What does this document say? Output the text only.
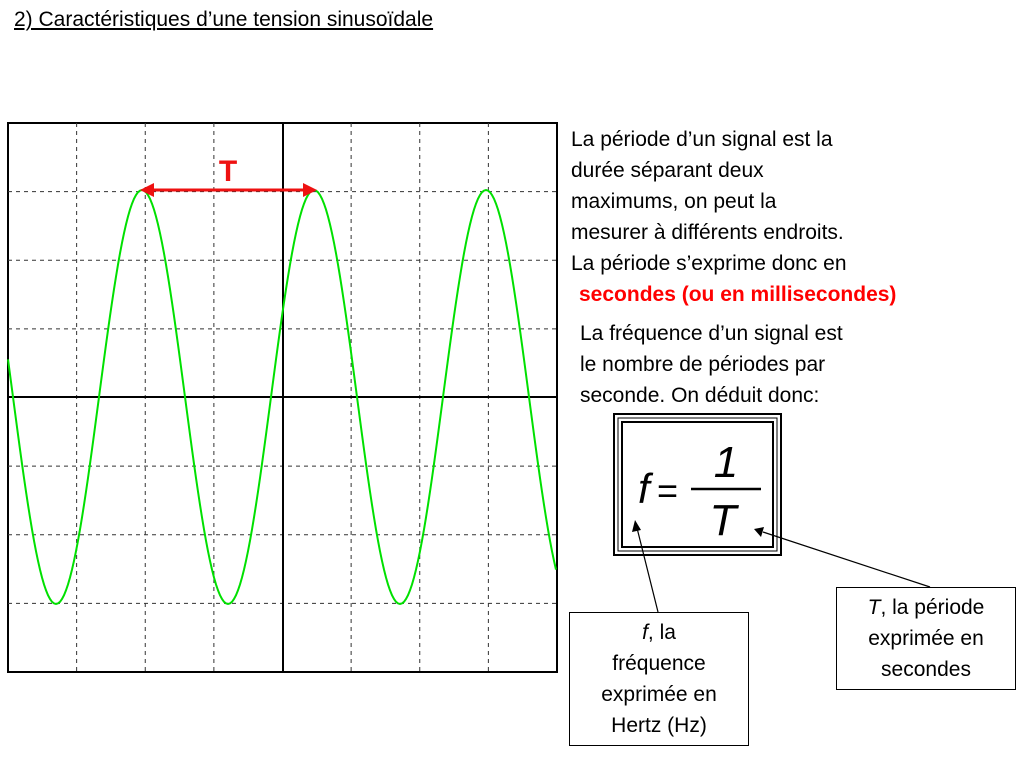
2) Caractéristiques d’une tension sinusoïdale
T
La période d’un signal est la
durée séparant deux
maximums, on peut la
mesurer à différents endroits.
La période s’exprime donc en
secondes (ou en millisecondes)
La fréquence d’un signal est
le nombre de périodes par
seconde. On déduit donc:
f =
1
T
f, la
fréquence
exprimée en
Hertz (Hz)
T, la période
exprimée en
secondes
